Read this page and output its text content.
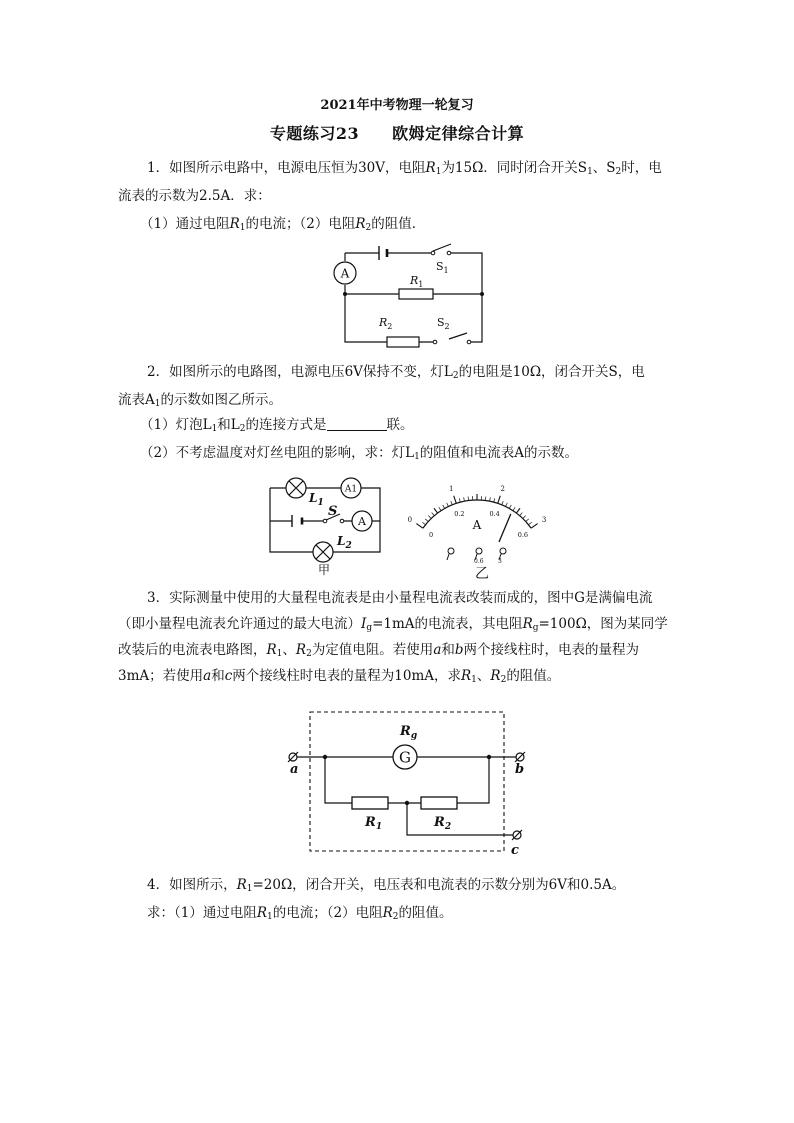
2021年中考物理一轮复习
专题练习23　　欧姆定律综合计算
1．如图所示电路中，电源电压恒为30V，电阻$R_1$为15Ω．同时闭合开关$S_1$、$S_2$时，电
流表的示数为2.5A．求：
（1）通过电阻$R_1$的电流；（2）电阻$R_2$的阻值．
A	$S_1$
$R_1$
$R_2$	$S_2$
2．如图所示的电路图，电源电压6V保持不变，灯$L_2$的电阻是10Ω，闭合开关S，电
流表$A_1$的示数如图乙所示。
（1）灯泡$L_1$和$L_2$的连接方式是	联。
（2）不考虑温度对灯丝电阻的影响，求：灯$L_1$的阻值和电流表A的示数。
A1
A
$L_1$
S
$L_2$
甲
0
1	2
3
0
0.2	0.4
0.6
A
0.6 3
乙
3．实际测量中使用的大量程电流表是由小量程电流表改装而成的，图中G是满偏电流
（即小量程电流表允许通过的最大电流）$I_g=1mA$的电流表，其电阻$R_g=100\Omega$，图为某同学
改装后的电流表电路图，$R_1$、$R_2$为定值电阻。若使用a和b两个接线柱时，电表的量程为
3mA；若使用a和c两个接线柱时电表的量程为10mA，求$R_1$、$R_2$的阻值。
G
$R_g$
a	b
c
$R_1$	$R_2$
4．如图所示，$R_1=20\Omega$，闭合开关，电压表和电流表的示数分别为6V和0.5A。
求：（1）通过电阻$R_1$的电流；（2）电阻$R_2$的阻值。
